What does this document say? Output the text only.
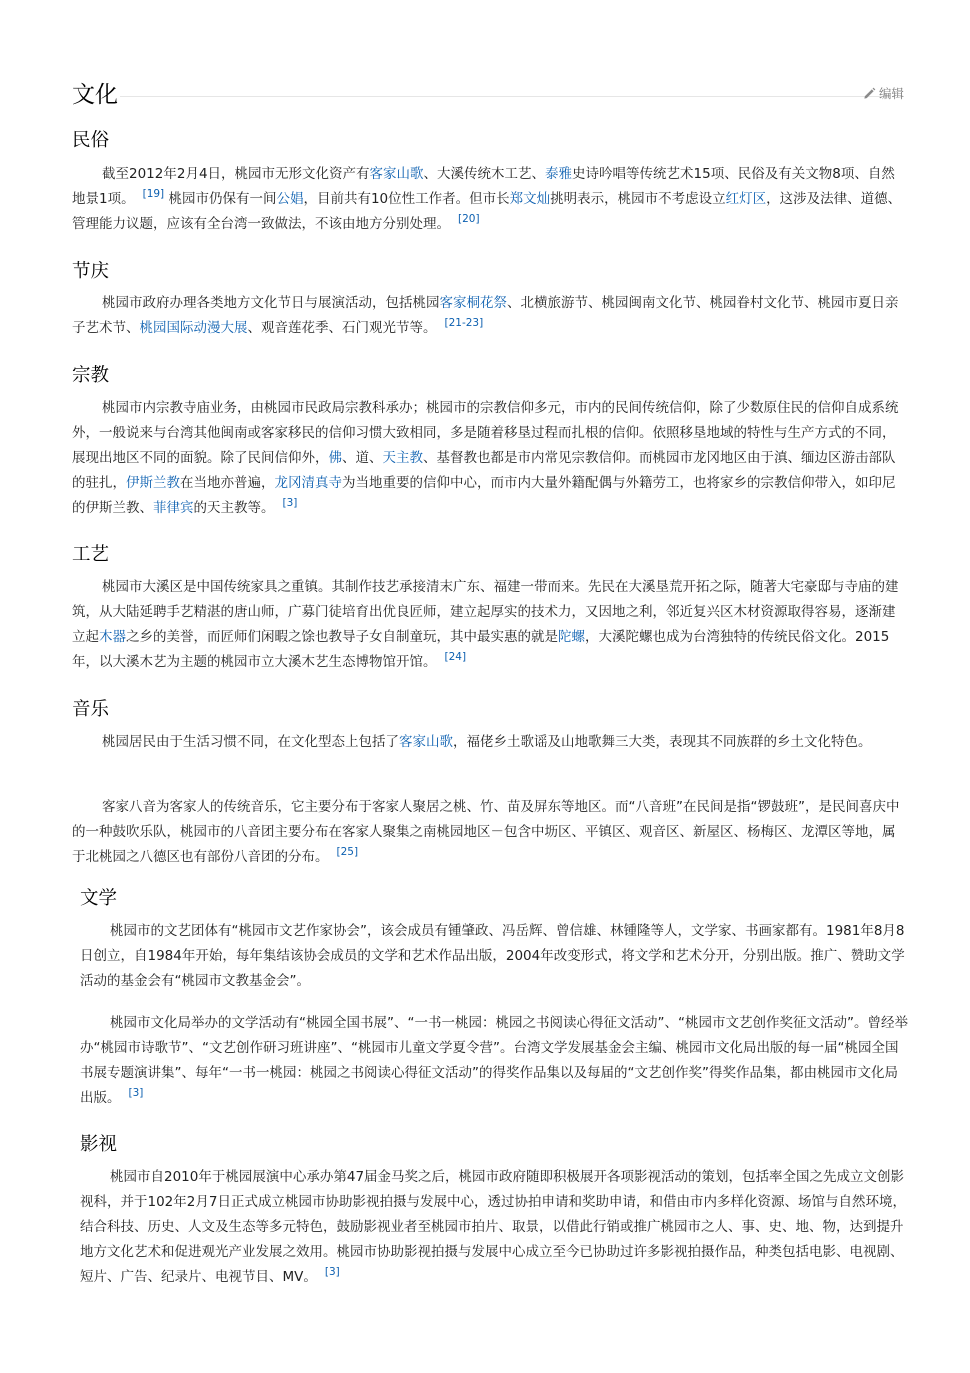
文化	编辑
民俗

截至2012年2月4日，桃园市无形文化资产有客家山歌、大溪传统木工艺、泰雅史诗吟唱等传统艺术15项、民俗及有关文物8项、自然地景1项。 [19] 桃园市仍保有一间公娼，目前共有10位性工作者。但市长郑文灿挑明表示，桃园市不考虑设立红灯区，这涉及法律、道德、管理能力议题，应该有全台湾一致做法，不该由地方分别处理。 [20]

节庆

桃园市政府办理各类地方文化节日与展演活动，包括桃园客家桐花祭、北横旅游节、桃园闽南文化节、桃园眷村文化节、桃园市夏日亲子艺术节、桃园国际动漫大展、观音莲花季、石门观光节等。 [21-23]

宗教

桃园市内宗教寺庙业务，由桃园市民政局宗教科承办；桃园市的宗教信仰多元，市内的民间传统信仰，除了少数原住民的信仰自成系统外，一般说来与台湾其他闽南或客家移民的信仰习惯大致相同，多是随着移垦过程而扎根的信仰。依照移垦地域的特性与生产方式的不同，展现出地区不同的面貌。除了民间信仰外，佛、道、天主教、基督教也都是市内常见宗教信仰。而桃园市龙冈地区由于滇、缅边区游击部队的驻扎，伊斯兰教在当地亦普遍，龙冈清真寺为当地重要的信仰中心，而市内大量外籍配偶与外籍劳工，也将家乡的宗教信仰带入，如印尼的伊斯兰教、菲律宾的天主教等。 [3]

工艺

桃园市大溪区是中国传统家具之重镇。其制作技艺承接清末广东、福建一带而来。先民在大溪垦荒开拓之际，随著大宅豪邸与寺庙的建筑，从大陆延聘手艺精湛的唐山师，广募门徒培育出优良匠师，建立起厚实的技术力，又因地之利，邻近复兴区木材资源取得容易，逐渐建立起木器之乡的美誉，而匠师们闲暇之馀也教导子女自制童玩，其中最实惠的就是陀螺，大溪陀螺也成为台湾独特的传统民俗文化。2015年，以大溪木艺为主题的桃园市立大溪木艺生态博物馆开馆。 [24]

音乐

桃园居民由于生活习惯不同，在文化型态上包括了客家山歌，福佬乡土歌谣及山地歌舞三大类，表现其不同族群的乡土文化特色。

客家八音为客家人的传统音乐，它主要分布于客家人聚居之桃、竹、苗及屏东等地区。而“八音班”在民间是指“锣鼓班”，是民间喜庆中的一种鼓吹乐队，桃园市的八音团主要分布在客家人聚集之南桃园地区－包含中坜区、平镇区、观音区、新屋区、杨梅区、龙潭区等地，属于北桃园之八德区也有部份八音团的分布。 [25]

文学

桃园市的文艺团体有“桃园市文艺作家协会”，该会成员有锺肇政、冯岳辉、曾信雄、林锺隆等人，文学家、书画家都有。1981年8月8日创立，自1984年开始，每年集结该协会成员的文学和艺术作品出版，2004年改变形式，将文学和艺术分开，分别出版。推广、赞助文学活动的基金会有“桃园市文教基金会”。

桃园市文化局举办的文学活动有“桃园全国书展”、“一书一桃园：桃园之书阅读心得征文活动”、“桃园市文艺创作奖征文活动”。曾经举办“桃园市诗歌节”、“文艺创作研习班讲座”、“桃园市儿童文学夏令营”。台湾文学发展基金会主编、桃园市文化局出版的每一届“桃园全国书展专题演讲集”、每年“一书一桃园：桃园之书阅读心得征文活动”的得奖作品集以及每届的“文艺创作奖”得奖作品集，都由桃园市文化局出版。 [3]

影视

桃园市自2010年于桃园展演中心承办第47届金马奖之后，桃园市政府随即积极展开各项影视活动的策划，包括率全国之先成立文创影视科，并于102年2月7日正式成立桃园市协助影视拍摄与发展中心，透过协拍申请和奖助申请，和借由市内多样化资源、场馆与自然环境，结合科技、历史、人文及生态等多元特色，鼓励影视业者至桃园市拍片、取景，以借此行销或推广桃园市之人、事、史、地、物，达到提升地方文化艺术和促进观光产业发展之效用。桃园市协助影视拍摄与发展中心成立至今已协助过许多影视拍摄作品，种类包括电影、电视剧、短片、广告、纪录片、电视节目、MV。 [3]
